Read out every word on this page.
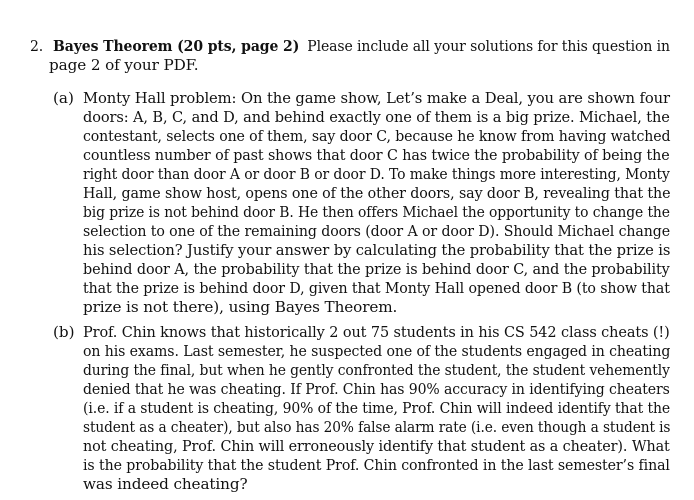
2. Bayes Theorem (20 pts, page 2) Please include all your solutions for this question in
page 2 of your PDF.
(a) Monty Hall problem: On the game show, Let’s make a Deal, you are shown four
doors: A, B, C, and D, and behind exactly one of them is a big prize. Michael, the
contestant, selects one of them, say door C, because he know from having watched
countless number of past shows that door C has twice the probability of being the
right door than door A or door B or door D. To make things more interesting, Monty
Hall, game show host, opens one of the other doors, say door B, revealing that the
big prize is not behind door B. He then offers Michael the opportunity to change the
selection to one of the remaining doors (door A or door D). Should Michael change
his selection? Justify your answer by calculating the probability that the prize is
behind door A, the probability that the prize is behind door C, and the probability
that the prize is behind door D, given that Monty Hall opened door B (to show that
prize is not there), using Bayes Theorem.
(b) Prof. Chin knows that historically 2 out 75 students in his CS 542 class cheats (!)
on his exams. Last semester, he suspected one of the students engaged in cheating
during the final, but when he gently confronted the student, the student vehemently
denied that he was cheating. If Prof. Chin has 90% accuracy in identifying cheaters
(i.e. if a student is cheating, 90% of the time, Prof. Chin will indeed identify that the
student as a cheater), but also has 20% false alarm rate (i.e. even though a student is
not cheating, Prof. Chin will erroneously identify that student as a cheater). What
is the probability that the student Prof. Chin confronted in the last semester’s final
was indeed cheating?
